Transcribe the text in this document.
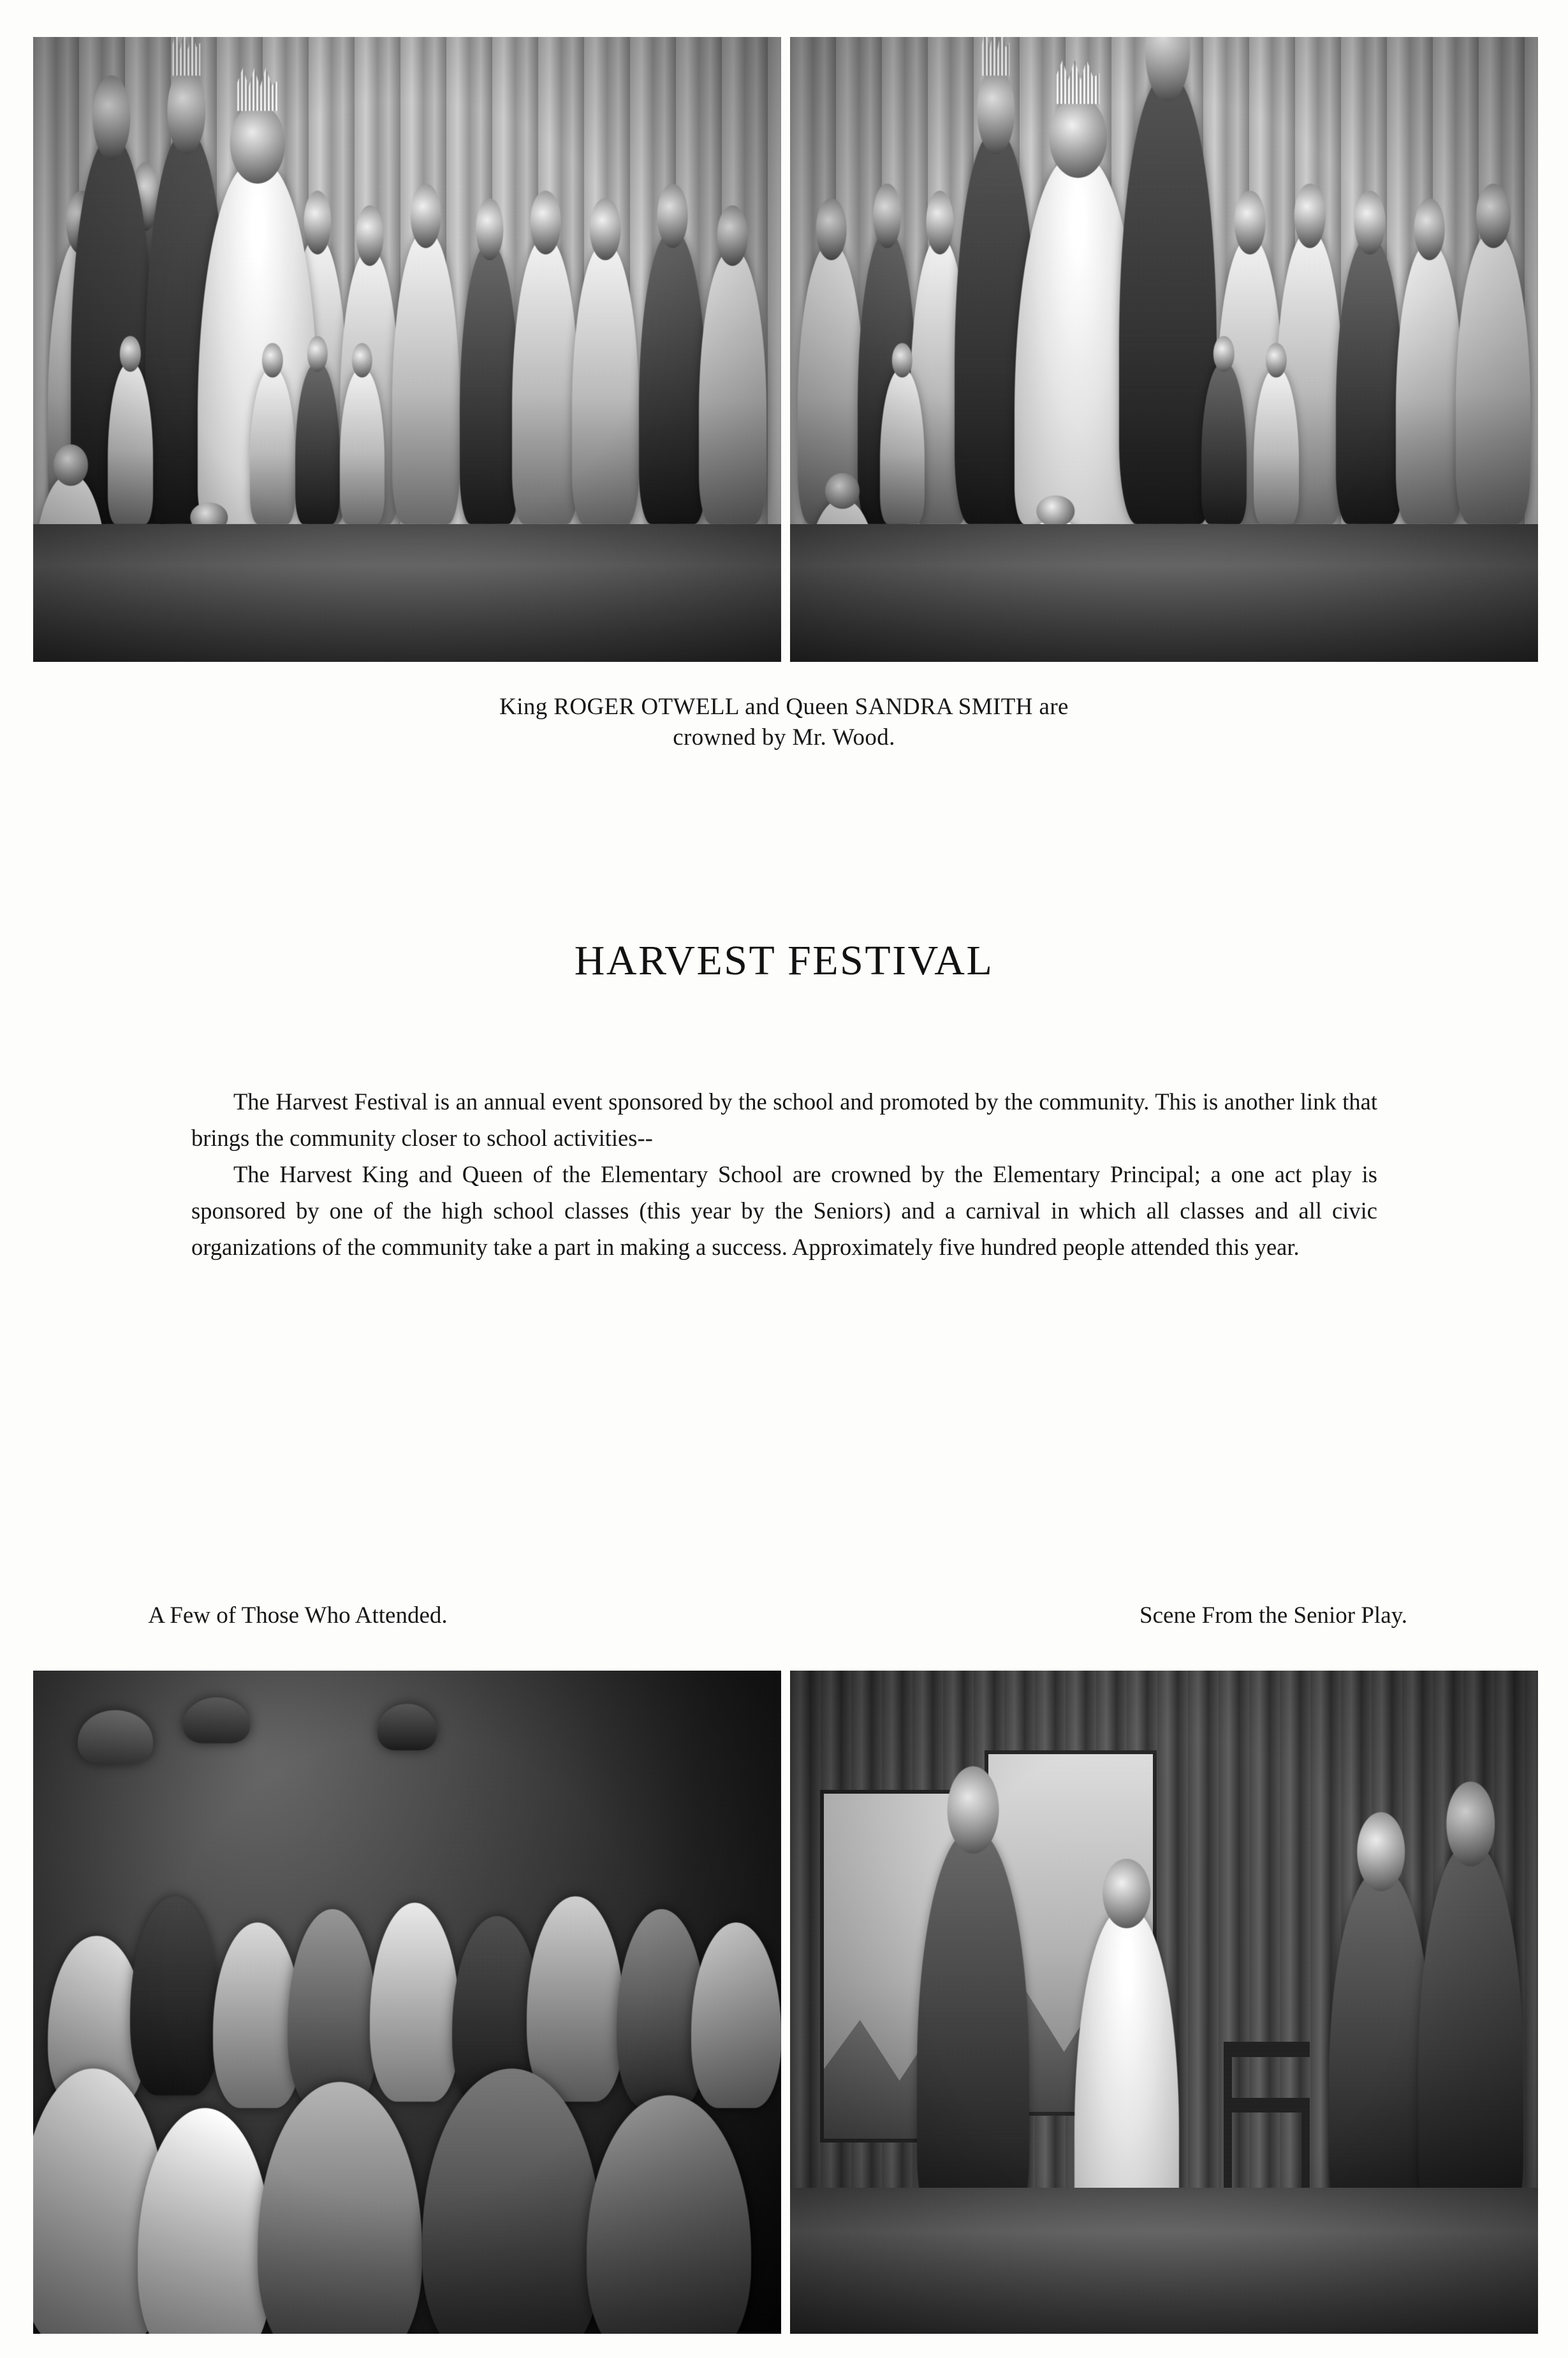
King ROGER OTWELL and Queen SANDRA SMITH are
crowned by Mr. Wood.
HARVEST FESTIVAL

The Harvest Festival is an annual event sponsored by the school and promoted by the community. This is another link that brings the community closer to school activities--

The Harvest King and Queen of the Elementary School are crowned by the Elementary Principal; a one act play is sponsored by one of the high school classes (this year by the Seniors) and a carnival in which all classes and all civic organizations of the community take a part in making a success. Approximately five hundred people attended this year.

A Few of Those Who Attended.	Scene From the Senior Play.
